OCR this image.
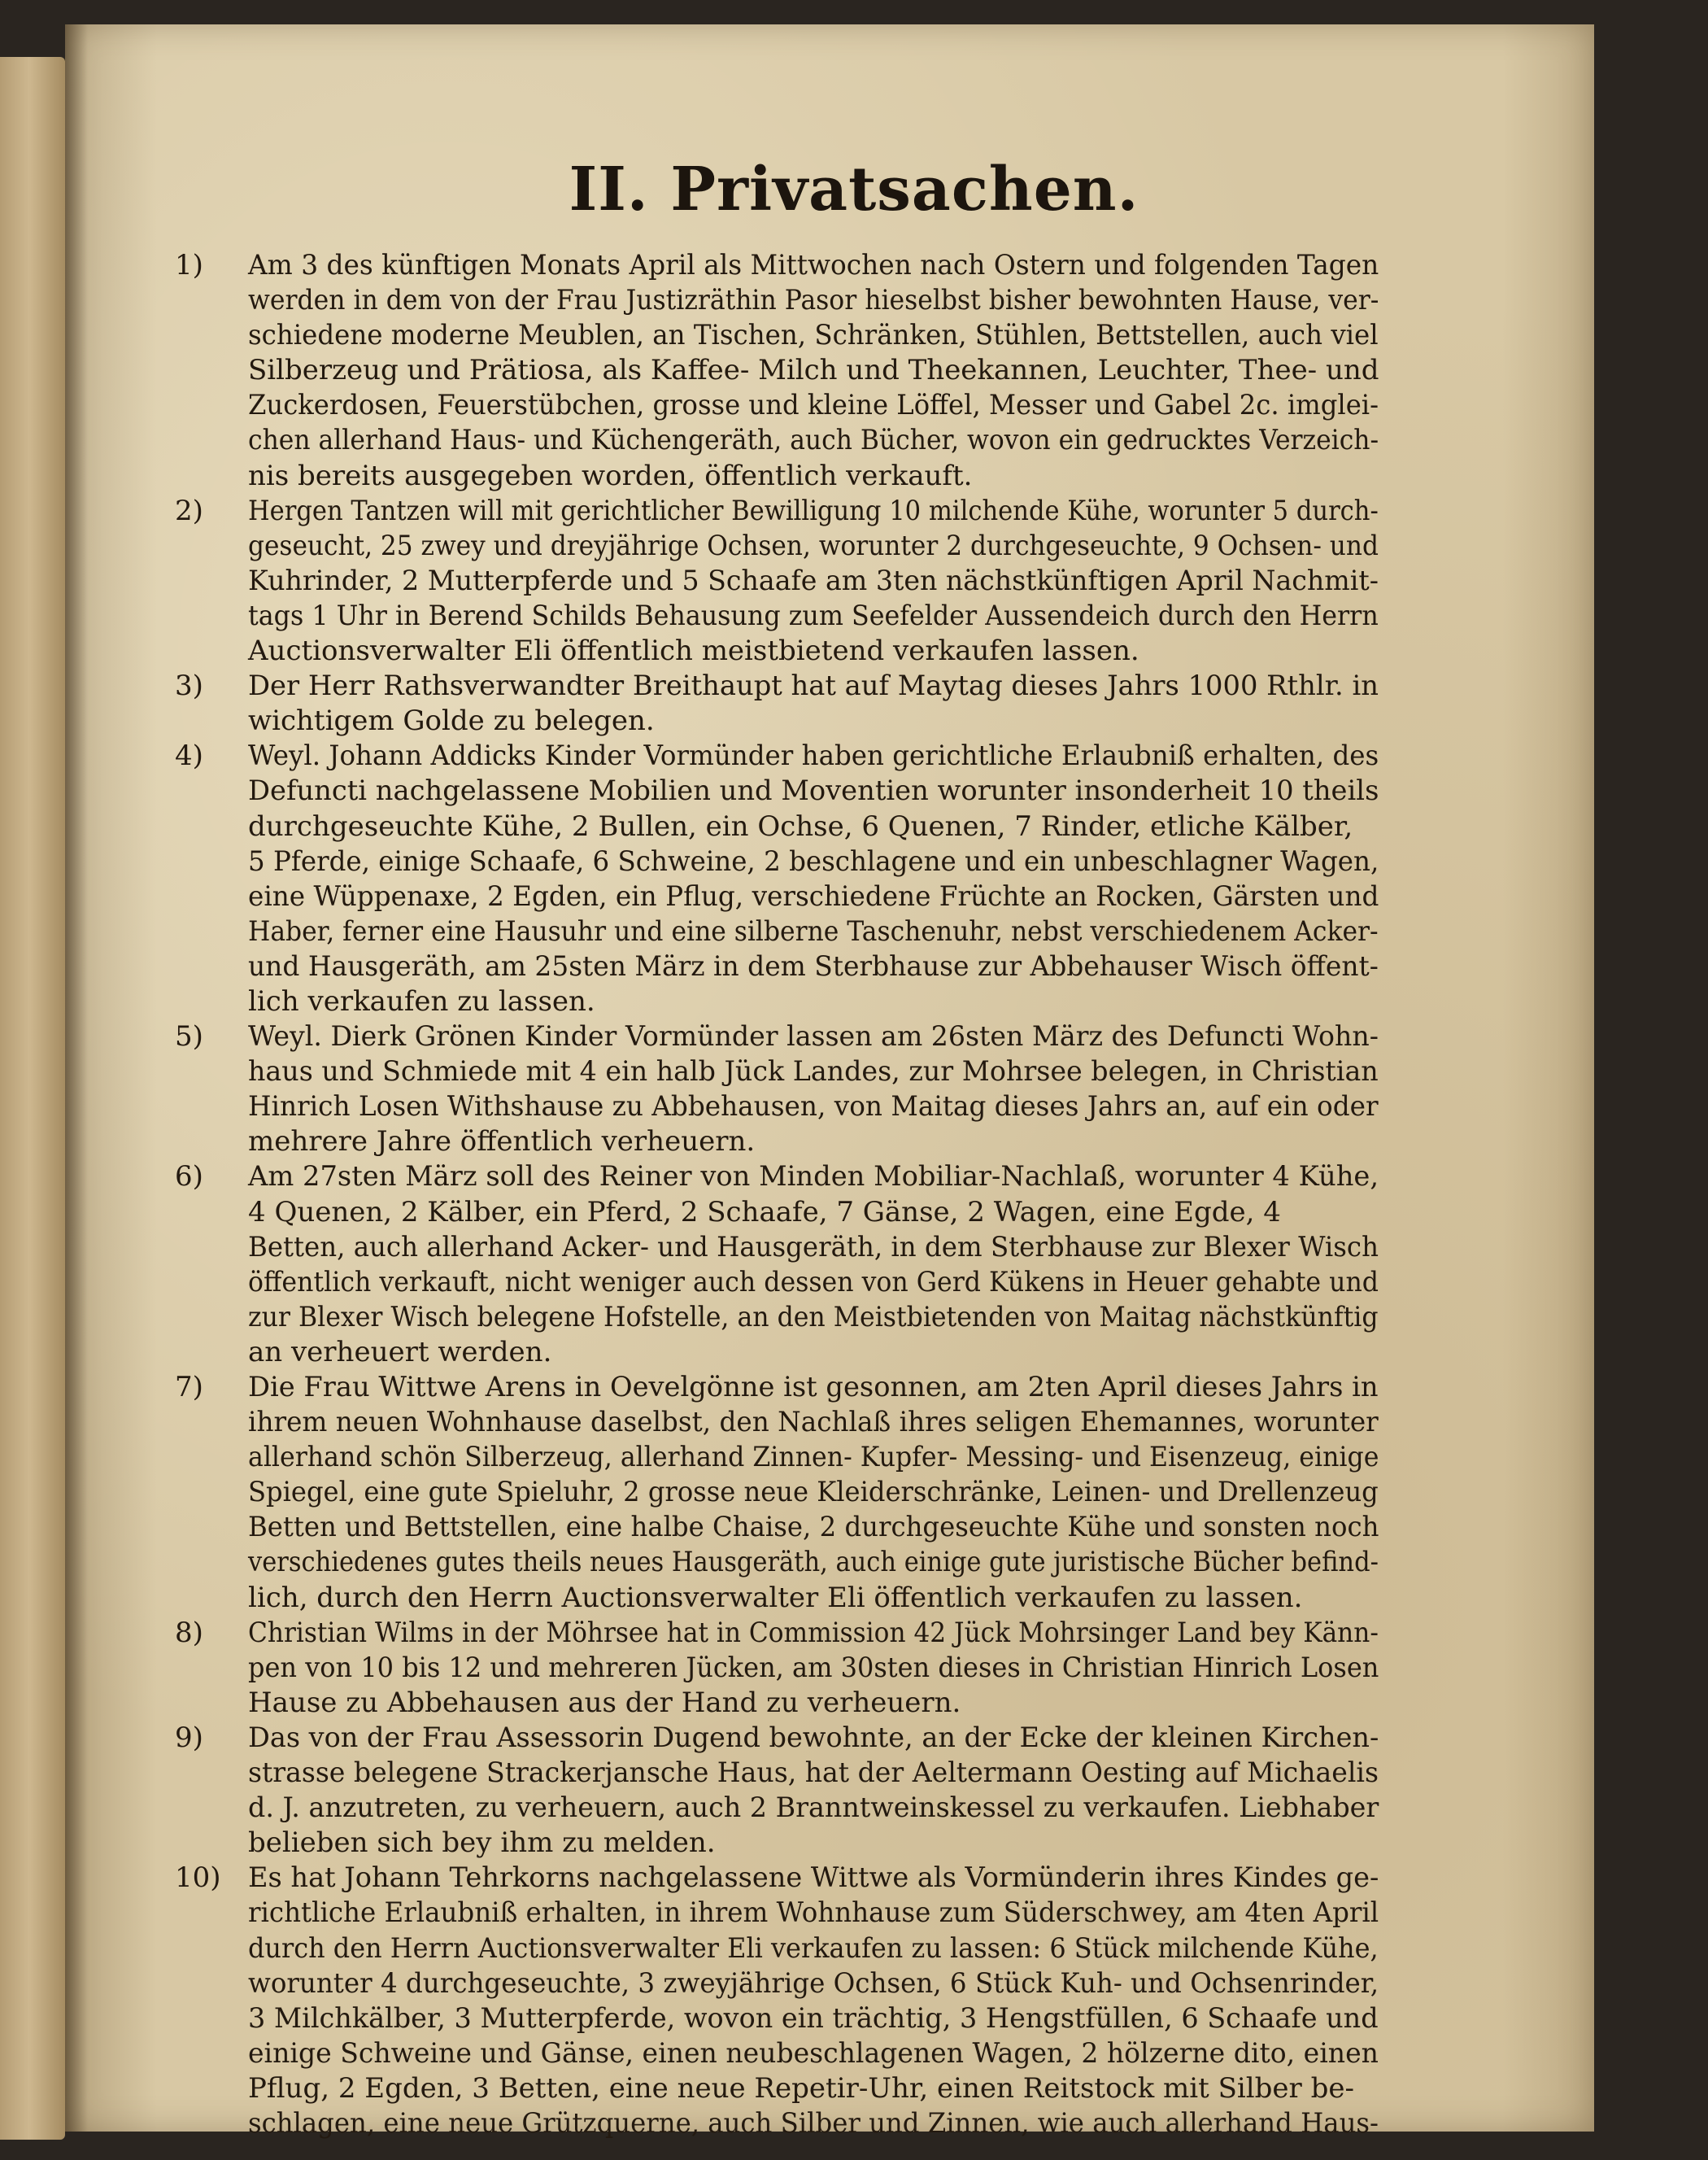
II. Privatsachen.
1)	Am 3 des künftigen Monats April als Mittwochen nach Ostern und folgenden Tagen
werden in dem von der Frau Justizräthin Pasor hieselbst bisher bewohnten Hause, ver-
schiedene moderne Meublen, an Tischen, Schränken, Stühlen, Bettstellen, auch viel
Silberzeug und Prätiosa, als Kaffee- Milch und Theekannen, Leuchter, Thee- und
Zuckerdosen, Feuerstübchen, grosse und kleine Löffel, Messer und Gabel 2c. imglei-
chen allerhand Haus- und Küchengeräth, auch Bücher, wovon ein gedrucktes Verzeich-
nis bereits ausgegeben worden, öffentlich verkauft.
2)	Hergen Tantzen will mit gerichtlicher Bewilligung 10 milchende Kühe, worunter 5 durch-
geseucht, 25 zwey und dreyjährige Ochsen, worunter 2 durchgeseuchte, 9 Ochsen- und
Kuhrinder, 2 Mutterpferde und 5 Schaafe am 3ten nächstkünftigen April Nachmit-
tags 1 Uhr in Berend Schilds Behausung zum Seefelder Aussendeich durch den Herrn
Auctionsverwalter Eli öffentlich meistbietend verkaufen lassen.
3)	Der Herr Rathsverwandter Breithaupt hat auf Maytag dieses Jahrs 1000 Rthlr. in
wichtigem Golde zu belegen.
4)	Weyl. Johann Addicks Kinder Vormünder haben gerichtliche Erlaubniß erhalten, des
Defuncti nachgelassene Mobilien und Moventien worunter insonderheit 10 theils
durchgeseuchte Kühe, 2 Bullen, ein Ochse, 6 Quenen, 7 Rinder, etliche Kälber,
5 Pferde, einige Schaafe, 6 Schweine, 2 beschlagene und ein unbeschlagner Wagen,
eine Wüppenaxe, 2 Egden, ein Pflug, verschiedene Früchte an Rocken, Gärsten und
Haber, ferner eine Hausuhr und eine silberne Taschenuhr, nebst verschiedenem Acker-
und Hausgeräth, am 25sten März in dem Sterbhause zur Abbehauser Wisch öffent-
lich verkaufen zu lassen.
5)	Weyl. Dierk Grönen Kinder Vormünder lassen am 26sten März des Defuncti Wohn-
haus und Schmiede mit 4 ein halb Jück Landes, zur Mohrsee belegen, in Christian
Hinrich Losen Withshause zu Abbehausen, von Maitag dieses Jahrs an, auf ein oder
mehrere Jahre öffentlich verheuern.
6)	Am 27sten März soll des Reiner von Minden Mobiliar-Nachlaß, worunter 4 Kühe,
4 Quenen, 2 Kälber, ein Pferd, 2 Schaafe, 7 Gänse, 2 Wagen, eine Egde, 4
Betten, auch allerhand Acker- und Hausgeräth, in dem Sterbhause zur Blexer Wisch
öffentlich verkauft, nicht weniger auch dessen von Gerd Kükens in Heuer gehabte und
zur Blexer Wisch belegene Hofstelle, an den Meistbietenden von Maitag nächstkünftig
an verheuert werden.
7)	Die Frau Wittwe Arens in Oevelgönne ist gesonnen, am 2ten April dieses Jahrs in
ihrem neuen Wohnhause daselbst, den Nachlaß ihres seligen Ehemannes, worunter
allerhand schön Silberzeug, allerhand Zinnen- Kupfer- Messing- und Eisenzeug, einige
Spiegel, eine gute Spieluhr, 2 grosse neue Kleiderschränke, Leinen- und Drellenzeug
Betten und Bettstellen, eine halbe Chaise, 2 durchgeseuchte Kühe und sonsten noch
verschiedenes gutes theils neues Hausgeräth, auch einige gute juristische Bücher befind-
lich, durch den Herrn Auctionsverwalter Eli öffentlich verkaufen zu lassen.
8)	Christian Wilms in der Möhrsee hat in Commission 42 Jück Mohrsinger Land bey Känn-
pen von 10 bis 12 und mehreren Jücken, am 30sten dieses in Christian Hinrich Losen
Hause zu Abbehausen aus der Hand zu verheuern.
9)	Das von der Frau Assessorin Dugend bewohnte, an der Ecke der kleinen Kirchen-
strasse belegene Strackerjansche Haus, hat der Aeltermann Oesting auf Michaelis
d. J. anzutreten, zu verheuern, auch 2 Branntweinskessel zu verkaufen. Liebhaber
belieben sich bey ihm zu melden.
10) Es hat Johann Tehrkorns nachgelassene Wittwe als Vormünderin ihres Kindes ge-
richtliche Erlaubniß erhalten, in ihrem Wohnhause zum Süderschwey, am 4ten April
durch den Herrn Auctionsverwalter Eli verkaufen zu lassen: 6 Stück milchende Kühe,
worunter 4 durchgeseuchte, 3 zweyjährige Ochsen, 6 Stück Kuh- und Ochsenrinder,
3 Milchkälber, 3 Mutterpferde, wovon ein trächtig, 3 Hengstfüllen, 6 Schaafe und
einige Schweine und Gänse, einen neubeschlagenen Wagen, 2 hölzerne dito, einen
Pflug, 2 Egden, 3 Betten, eine neue Repetir-Uhr, einen Reitstock mit Silber be-
schlagen, eine neue Grützquerne, auch Silber und Zinnen, wie auch allerhand Haus-
